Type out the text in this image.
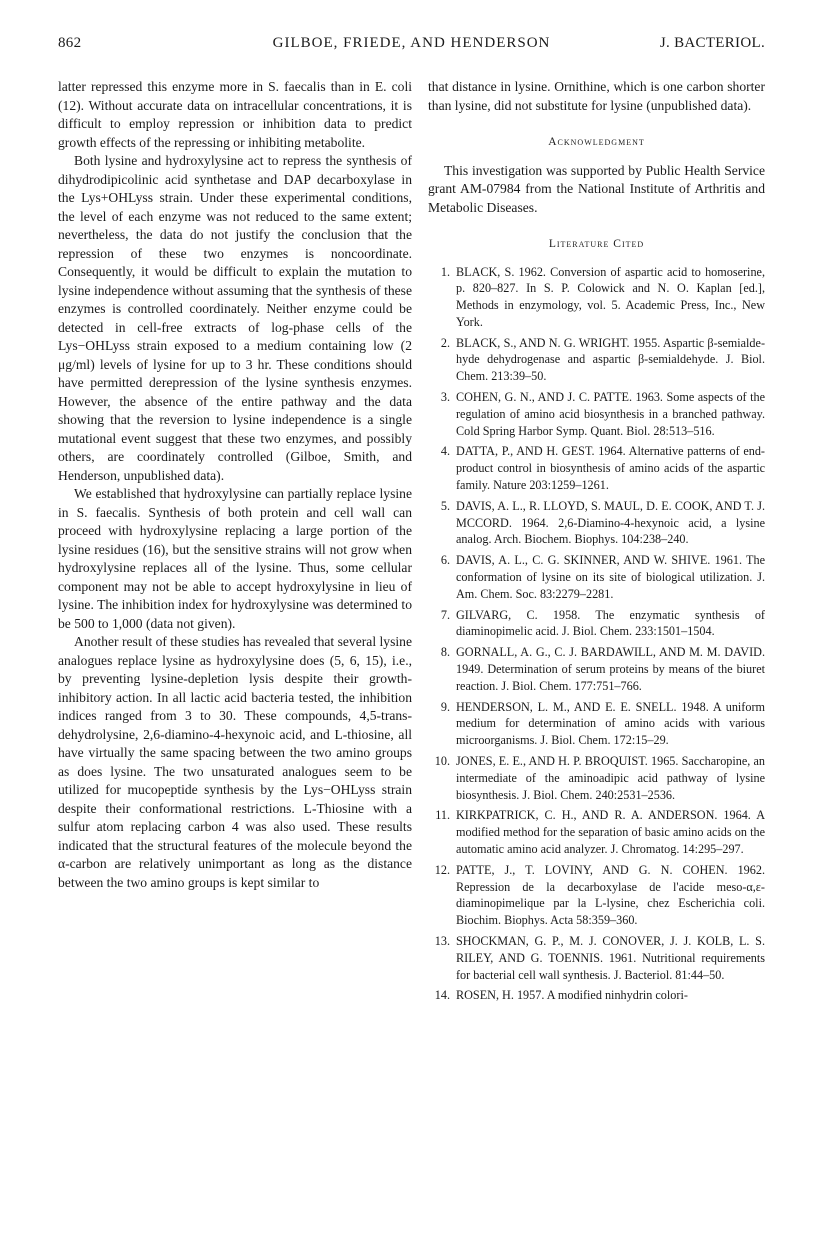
862	GILBOE, FRIEDE, AND HENDERSON	J. BACTERIOL.

latter repressed this enzyme more in S. faecalis than in E. coli (12). Without accurate data on intracellular concentrations, it is difficult to employ repression or inhibition data to predict growth effects of the repressing or inhibiting metabolite.

Both lysine and hydroxylysine act to repress the synthesis of dihydrodipicolinic acid synthetase and DAP decarboxylase in the Lys+OHLyss strain. Under these experimental conditions, the level of each enzyme was not reduced to the same extent; nevertheless, the data do not justify the conclusion that the repression of these two enzymes is noncoordinate. Consequently, it would be difficult to explain the mutation to lysine independence without assuming that the synthesis of these enzymes is controlled coordinately. Neither enzyme could be detected in cell-free extracts of log-phase cells of the Lys−OHLyss strain exposed to a medium containing low (2 μg/ml) levels of lysine for up to 3 hr. These conditions should have permitted derepression of the lysine synthesis enzymes. However, the absence of the entire pathway and the data showing that the reversion to lysine independence is a single mutational event suggest that these two enzymes, and possibly others, are coordinately controlled (Gilboe, Smith, and Henderson, unpublished data).

We established that hydroxylysine can partially replace lysine in S. faecalis. Synthesis of both protein and cell wall can proceed with hydroxylysine replacing a large portion of the lysine residues (16), but the sensitive strains will not grow when hydroxylysine replaces all of the lysine. Thus, some cellular component may not be able to accept hydroxylysine in lieu of lysine. The inhibition index for hydroxylysine was determined to be 500 to 1,000 (data not given).

Another result of these studies has revealed that several lysine analogues replace lysine as hydroxylysine does (5, 6, 15), i.e., by preventing lysine-depletion lysis despite their growth-inhibitory action. In all lactic acid bacteria tested, the inhibition indices ranged from 3 to 30. These compounds, 4,5-trans-dehydrolysine, 2,6-diamino-4-hexynoic acid, and L-thiosine, all have virtually the same spacing between the two amino groups as does lysine. The two unsaturated analogues seem to be utilized for mucopeptide synthesis by the Lys−OHLyss strain despite their conformational restrictions. L-Thiosine with a sulfur atom replacing carbon 4 was also used. These results indicated that the structural features of the molecule beyond the α-carbon are relatively unimportant as long as the distance between the two amino groups is kept similar to

that distance in lysine. Ornithine, which is one carbon shorter than lysine, did not substitute for lysine (unpublished data).

Acknowledgment

This investigation was supported by Public Health Service grant AM-07984 from the National Institute of Arthritis and Metabolic Diseases.

Literature Cited
1. BLACK, S. 1962. Conversion of aspartic acid to homoserine, p. 820–827. In S. P. Colowick and N. O. Kaplan [ed.], Methods in enzymology, vol. 5. Academic Press, Inc., New York.
2. BLACK, S., AND N. G. WRIGHT. 1955. Aspartic β-semialde-hyde dehydrogenase and aspartic β-semialdehyde. J. Biol. Chem. 213:39–50.
3. COHEN, G. N., AND J. C. PATTE. 1963. Some aspects of the regulation of amino acid biosynthesis in a branched pathway. Cold Spring Harbor Symp. Quant. Biol. 28:513–516.
4. DATTA, P., AND H. GEST. 1964. Alternative patterns of end-product control in biosynthesis of amino acids of the aspartic family. Nature 203:1259–1261.
5. DAVIS, A. L., R. LLOYD, S. MAUL, D. E. COOK, AND T. J. MCCORD. 1964. 2,6-Diamino-4-hexynoic acid, a lysine analog. Arch. Biochem. Biophys. 104:238–240.
6. DAVIS, A. L., C. G. SKINNER, AND W. SHIVE. 1961. The conformation of lysine on its site of biological utilization. J. Am. Chem. Soc. 83:2279–2281.
7. GILVARG, C. 1958. The enzymatic synthesis of diaminopimelic acid. J. Biol. Chem. 233:1501–1504.
8. GORNALL, A. G., C. J. BARDAWILL, AND M. M. DAVID. 1949. Determination of serum proteins by means of the biuret reaction. J. Biol. Chem. 177:751–766.
9. HENDERSON, L. M., AND E. E. SNELL. 1948. A uniform medium for determination of amino acids with various microorganisms. J. Biol. Chem. 172:15–29.
10. JONES, E. E., AND H. P. BROQUIST. 1965. Saccharopine, an intermediate of the aminoadipic acid pathway of lysine biosynthesis. J. Biol. Chem. 240:2531–2536.
11. KIRKPATRICK, C. H., AND R. A. ANDERSON. 1964. A modified method for the separation of basic amino acids on the automatic amino acid analyzer. J. Chromatog. 14:295–297.
12. PATTE, J., T. LOVINY, AND G. N. COHEN. 1962. Repression de la decarboxylase de l'acide meso-α,ε-diaminopimelique par la L-lysine, chez Escherichia coli. Biochim. Biophys. Acta 58:359–360.
13. SHOCKMAN, G. P., M. J. CONOVER, J. J. KOLB, L. S. RILEY, AND G. TOENNIS. 1961. Nutritional requirements for bacterial cell wall synthesis. J. Bacteriol. 81:44–50.
14. ROSEN, H. 1957. A modified ninhydrin colori-
